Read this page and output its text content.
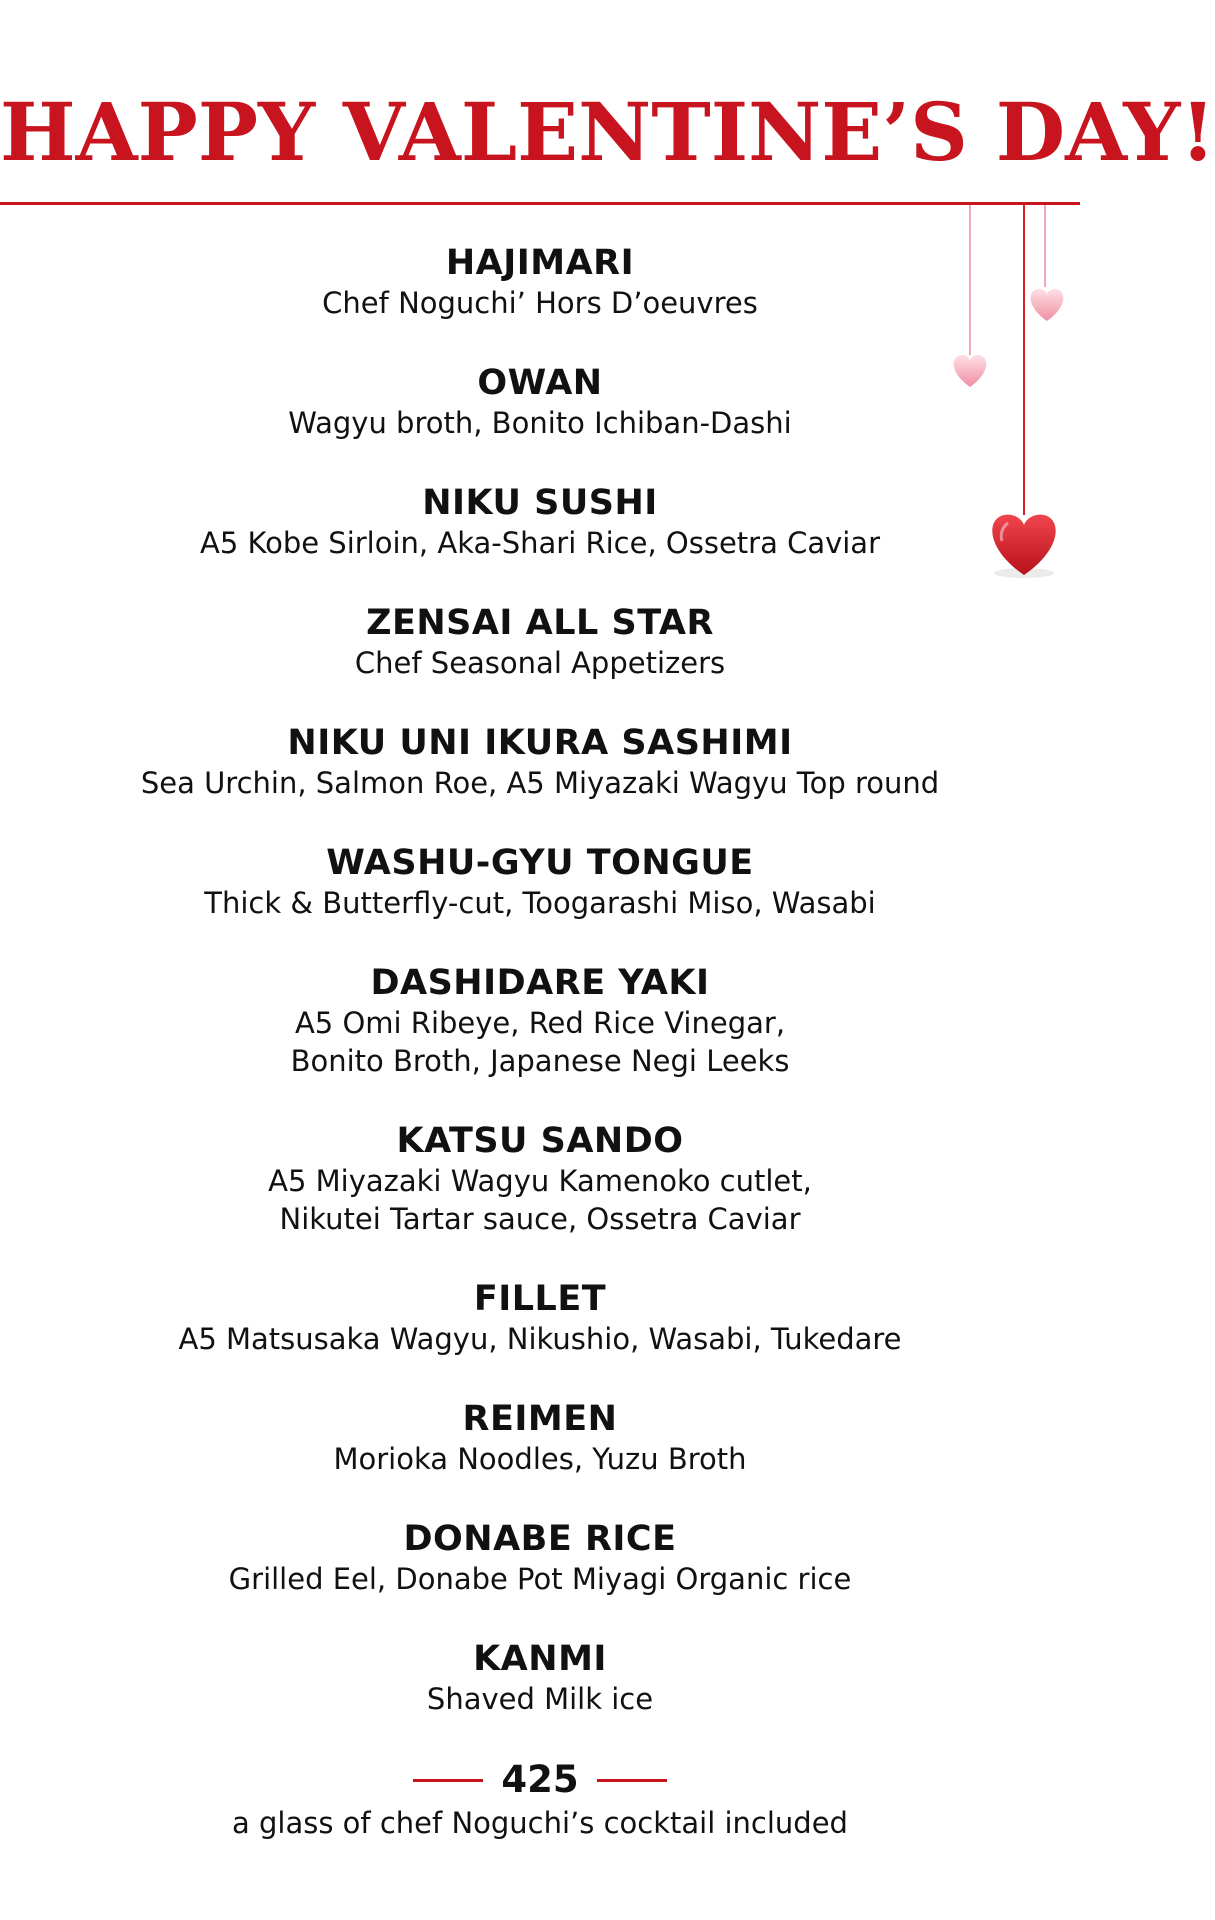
HAPPY VALENTINE’S DAY!
HAJIMARI
Chef Noguchi’ Hors D’oeuvres
OWAN
Wagyu broth, Bonito Ichiban-Dashi
NIKU SUSHI
A5 Kobe Sirloin, Aka-Shari Rice, Ossetra Caviar
ZENSAI ALL STAR
Chef Seasonal Appetizers
NIKU UNI IKURA SASHIMI
Sea Urchin, Salmon Roe, A5 Miyazaki Wagyu Top round
WASHU-GYU TONGUE
Thick & Butterfly-cut, Toogarashi Miso, Wasabi
DASHIDARE YAKI
A5 Omi Ribeye, Red Rice Vinegar,
Bonito Broth, Japanese Negi Leeks
KATSU SANDO
A5 Miyazaki Wagyu Kamenoko cutlet,
Nikutei Tartar sauce, Ossetra Caviar
FILLET
A5 Matsusaka Wagyu, Nikushio, Wasabi, Tukedare
REIMEN
Morioka Noodles, Yuzu Broth
DONABE RICE
Grilled Eel, Donabe Pot Miyagi Organic rice
KANMI
Shaved Milk ice
425
a glass of chef Noguchi’s cocktail included
